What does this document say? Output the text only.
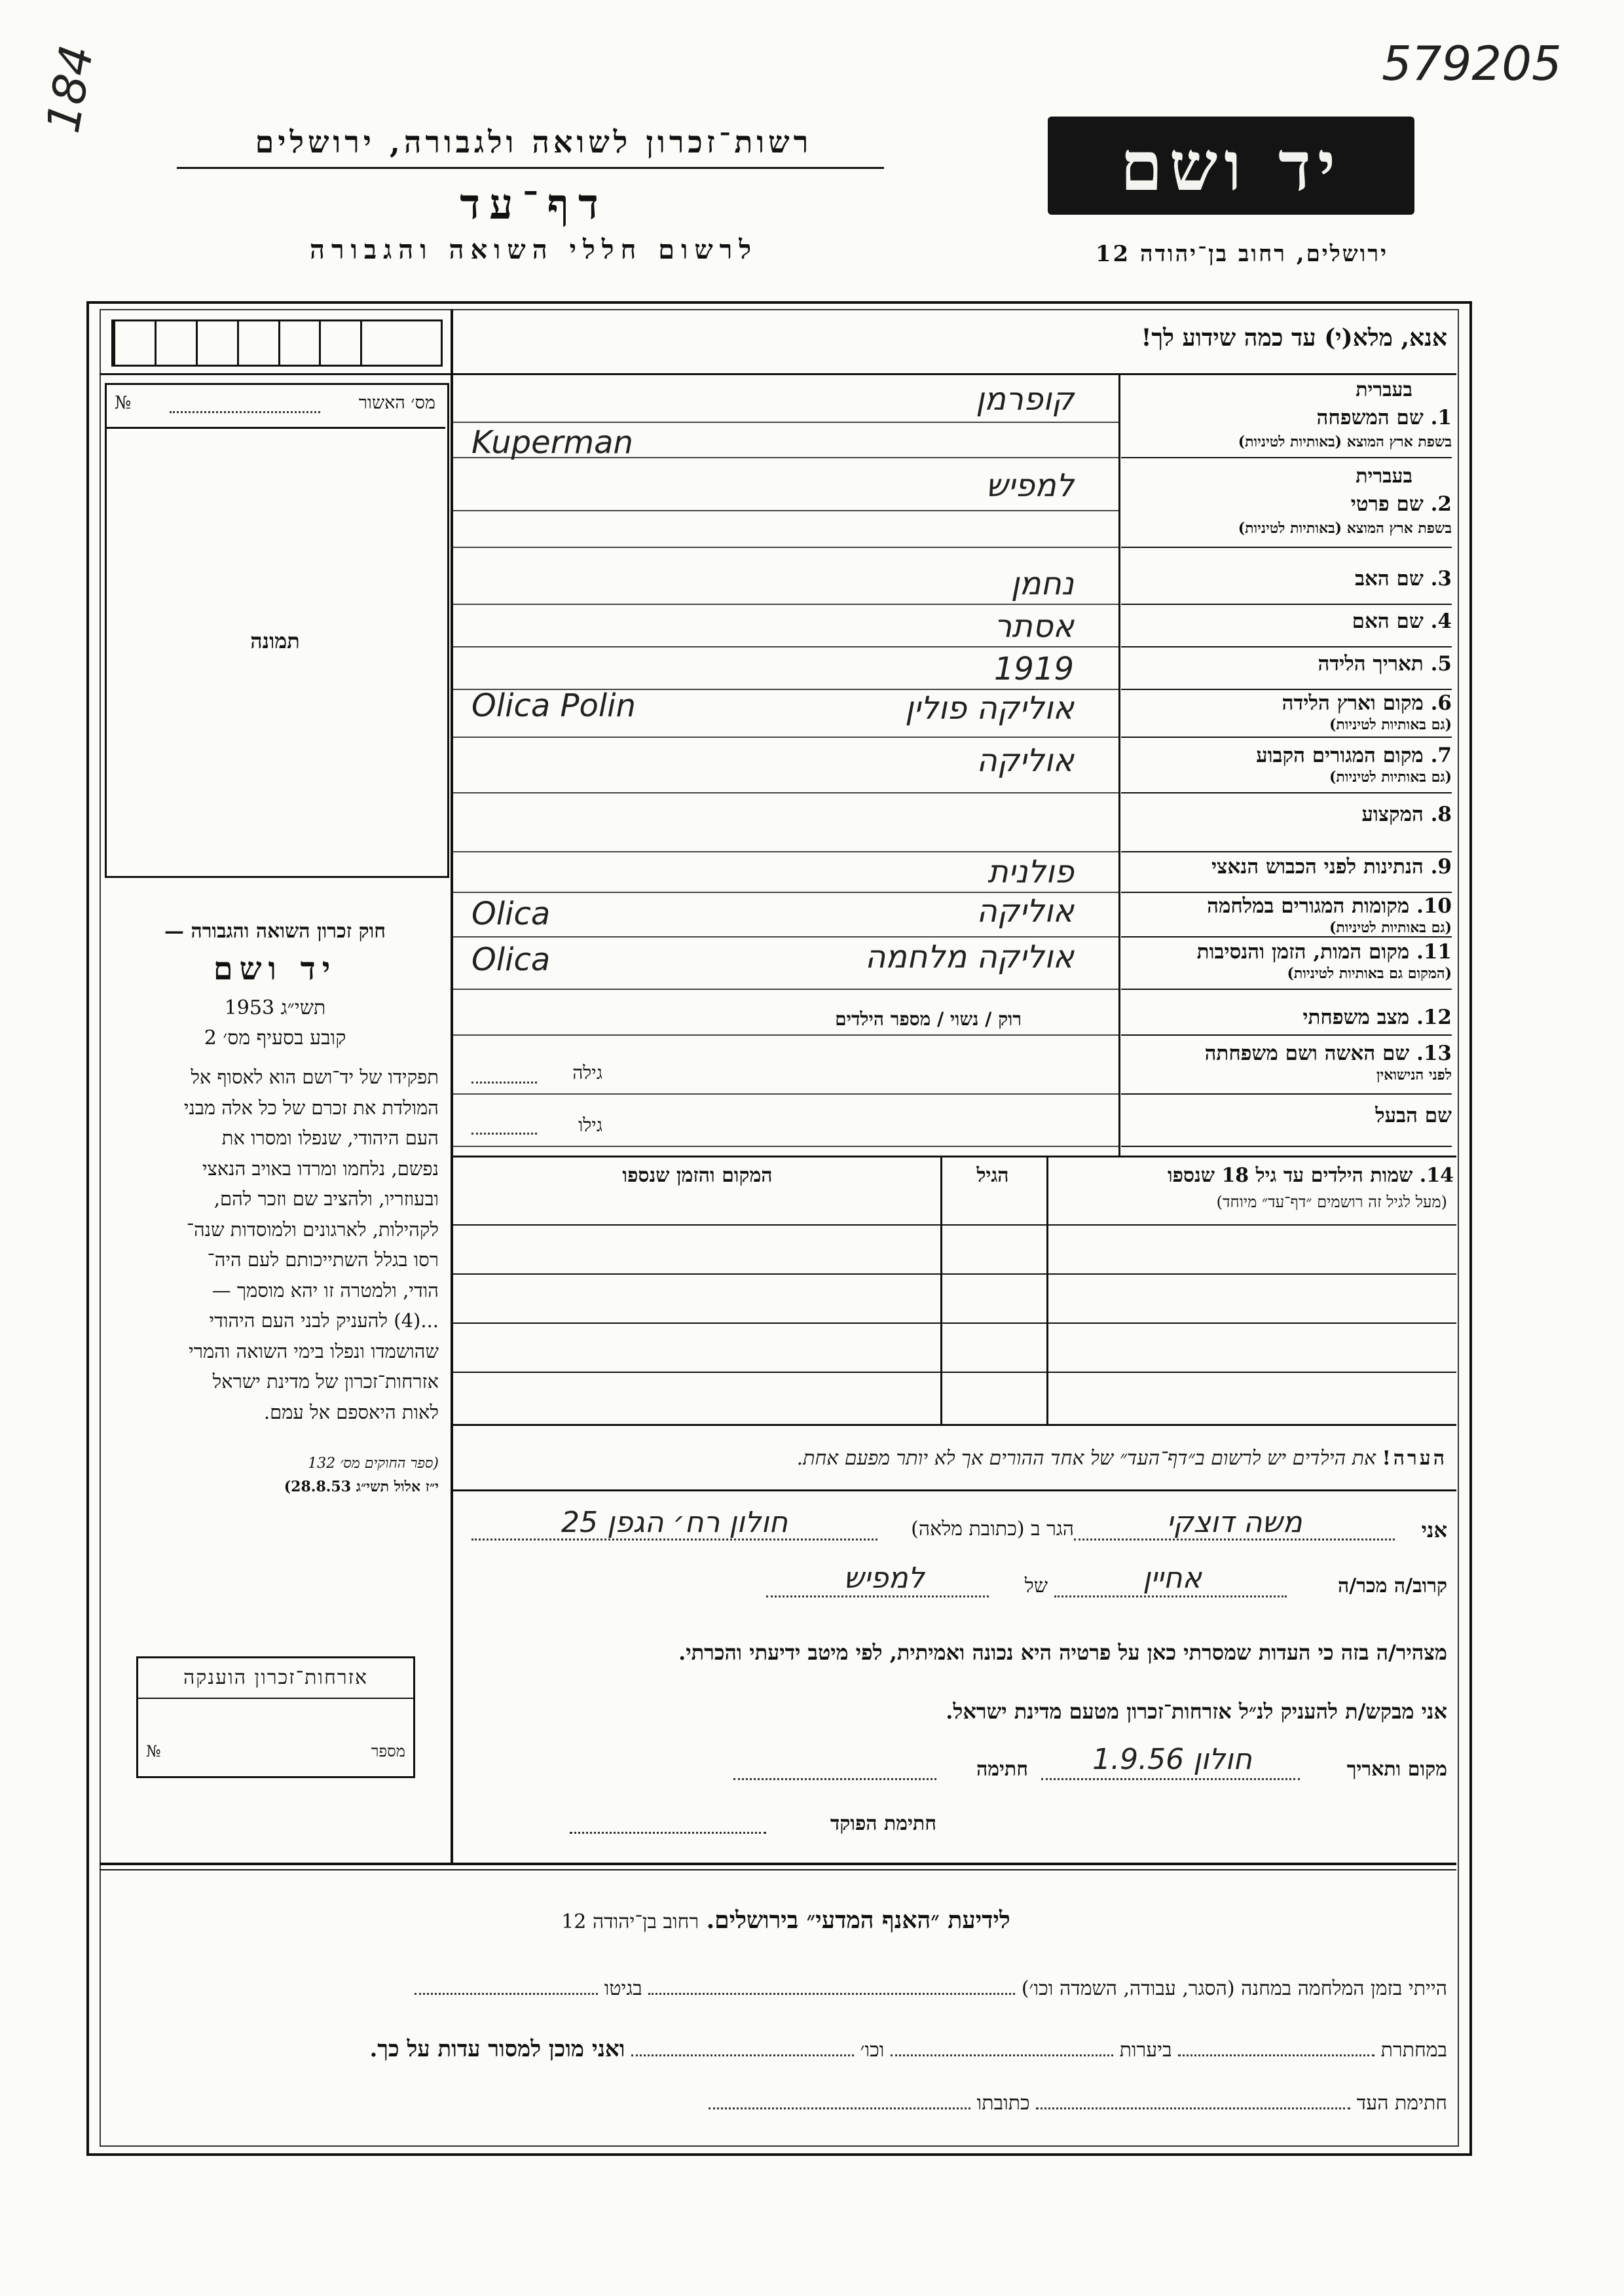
184	579205
רשות־זכרון לשואה ולגבורה, ירושלים
דף־עד
לרשום חללי השואה והגבורה
יד ושם
ירושלים, רחוב בן־יהודה 12
אנא, מלא(י) עד כמה שידוע לך!
מס׳ האשור
№
תמונה
חוק זכרון השואה והגבורה —
יד ושם
תשי״ג 1953
קובע בסעיף מס׳ 2
תפקידו של יד־ושם הוא לאסוף אל
המולדת את זכרם של כל אלה מבני
העם היהודי, שנפלו ומסרו את
נפשם, נלחמו ומרדו באויב הנאצי
ובעוזריו, ולהציב שם וזכר להם,
לקהילות, לארגונים ולמוסדות שנה־
רסו בגלל השתייכותם לעם היה־
הודי, ולמטרה זו יהא מוסמך —
...(4) להעניק לבני העם היהודי
שהושמדו ונפלו בימי השואה והמרי
אזרחות־זכרון של מדינת ישראל
לאות היאספם אל עמם.
(ספר החוקים מס׳ 132
י״ז אלול תשי״ג 28.8.53)
אזרחות־זכרון הוענקה
מספר
№
בעברית
1. שם המשפחה
בשפת ארץ המוצא (באותיות לטיניות)
קופרמן
Kuperman
בעברית
2. שם פרטי
בשפת ארץ המוצא (באותיות לטיניות)
למפיש
3. שם האב
נחמן
4. שם האם
אסתר
5. תאריך הלידה
1919
6. מקום וארץ הלידה
(גם באותיות לטיניות)
אוליקה פולין
Olica Polin
7. מקום המגורים הקבוע
(גם באותיות לטיניות)
אוליקה
8. המקצוע
9. הנתינות לפני הכבוש הנאצי
פולנית
10. מקומות המגורים במלחמה
(גם באותיות לטיניות)
אוליקה
Olica
11. מקום המות, הזמן והנסיבות
(המקום גם באותיות לטיניות)
אוליקה מלחמה
Olica
12. מצב משפחתי
13. שם האשה ושם משפחתה
לפני הנישואין
שם הבעל
רוק / נשוי / מספר הילדים
גילה
גילו
14. שמות הילדים עד גיל 18 שנספו
(מעל לגיל זה רושמים ״דף־עד״ מיוחד)
הגיל
המקום והזמן שנספו
הערה! את הילדים יש לרשום ב״דף־העד״ של אחד ההורים אך לא יותר מפעם אחת.
אני
משה דוצקי
הגר ב (כתובת מלאה)
חולון רח׳ הגפן 25
קרוב/ה מכר/ה
אחיין
של
למפיש
מצהיר/ה בזה כי העדות שמסרתי כאן על פרטיה היא נכונה ואמיתית, לפי מיטב ידיעתי והכרתי.
אני מבקש/ת להעניק לנ״ל אזרחות־זכרון מטעם מדינת ישראל.
מקום ותאריך
חולון 1.9.56
חתימה
חתימת הפוקד
לידיעת ״האנף המדעי״ בירושלים. רחוב בן־יהודה 12
הייתי בזמן המלחמה במחנה (הסגר, עבודה, השמדה וכו׳)  בגיטו
במחתרת  ביערות  וכו׳  ואני מוכן למסור עדות על כך.
חתימת העד  כתובתו
